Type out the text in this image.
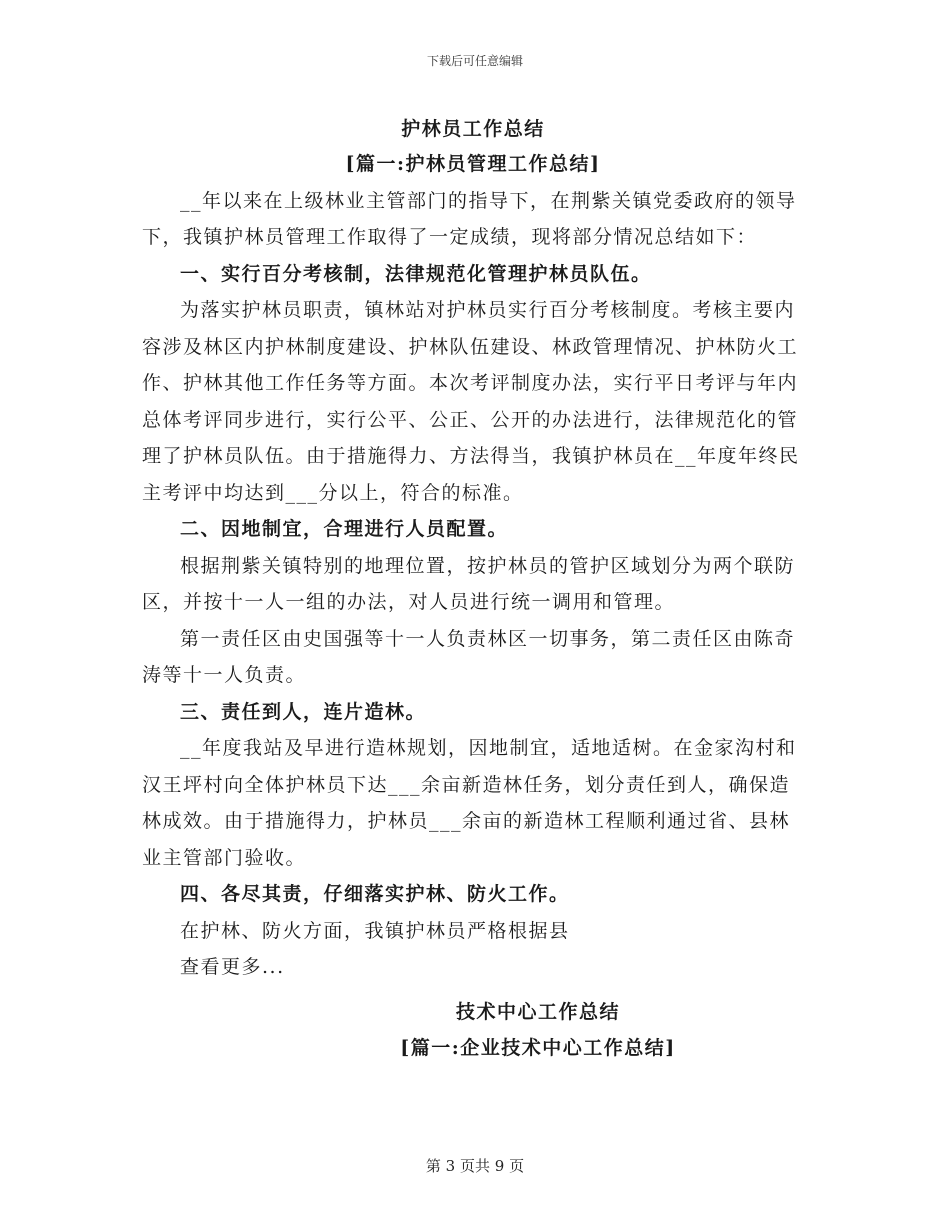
下载后可任意编辑

护林员工作总结

[篇一:护林员管理工作总结]

__年以来在上级林业主管部门的指导下，在荆紫关镇党委政府的领导下，我镇护林员管理工作取得了一定成绩，现将部分情况总结如下：

一、实行百分考核制，法律规范化管理护林员队伍。

为落实护林员职责，镇林站对护林员实行百分考核制度。考核主要内容涉及林区内护林制度建设、护林队伍建设、林政管理情况、护林防火工作、护林其他工作任务等方面。本次考评制度办法，实行平日考评与年内总体考评同步进行，实行公平、公正、公开的办法进行，法律规范化的管理了护林员队伍。由于措施得力、方法得当，我镇护林员在__年度年终民主考评中均达到___分以上，符合的标准。

二、因地制宜，合理进行人员配置。

根据荆紫关镇特别的地理位置，按护林员的管护区域划分为两个联防区，并按十一人一组的办法，对人员进行统一调用和管理。

第一责任区由史国强等十一人负责林区一切事务，第二责任区由陈奇涛等十一人负责。

三、责任到人，连片造林。

__年度我站及早进行造林规划，因地制宜，适地适树。在金家沟村和汉王坪村向全体护林员下达___余亩新造林任务，划分责任到人，确保造林成效。由于措施得力，护林员___余亩的新造林工程顺利通过省、县林业主管部门验收。

四、各尽其责，仔细落实护林、防火工作。

在护林、防火方面，我镇护林员严格根据县

查看更多...

技术中心工作总结

[篇一:企业技术中心工作总结]

第 3 页共 9 页
